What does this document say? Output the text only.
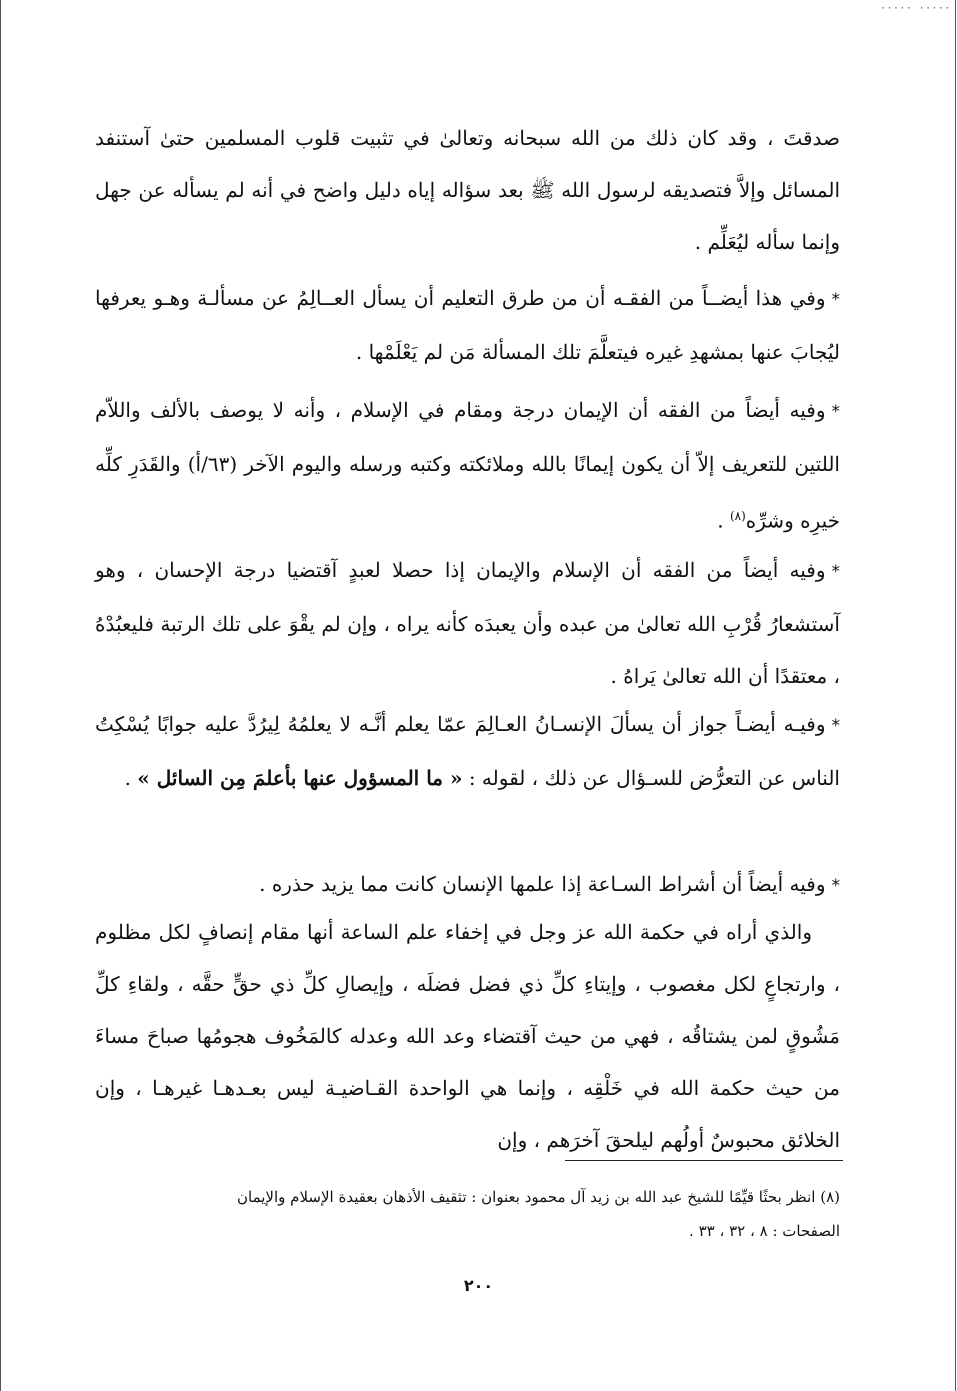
····· ·····

صدقتَ ، وقد كان ذلك من الله سبحانه وتعالىٰ في تثبيت قلوب المسلمين حتىٰ آستنفد المسائل وإلاَّ فتصديقه لرسول الله ﷺ بعد سؤاله إياه دليل واضح في أنه لم يسأله عن جهل وإنما سأله ليُعَلِّم .

*وفي هذا أيضــاً من الفقـه أن من طرق التعليم أن يسأل العــالِمُ عن مسألـة وهـو يعرفها ليُجابَ عنها بمشهدِ غيره فيتعلَّمَ تلك المسألة مَن لم يَعْلَمْها .

*وفيه أيضاً من الفقه أن الإيمان درجة ومقام في الإسلام ، وأنه لا يوصف بالألف واللاّم اللتين للتعريف إلاّ أن يكون إيمانًا بالله وملائكته وكتبه ورسله واليوم الآخر (٦٣/أ) والقَدَرِ كلِّه خيرِه وشرِّه$^{(٨)}$ .

*وفيه أيضاً من الفقه أن الإسلام والإيمان إذا حصلا لعبدٍ آقتضيا درجة الإحسان ، وهو آستشعارُ قُرْبِ الله تعالىٰ من عبده وأن يعبدَه كأنه يراه ، وإن لم يقْوَ على تلك الرتبة فليعبُدْهُ ، معتقدًا أن الله تعالىٰ يَراهُ .

*وفيـه أيضـاً جواز أن يسألَ الإنسـانُ العـالِمَ عمّا يعلم أنَّـه لا يعلمُهُ لِيرُدَّ عليه جوابًا يُسْكِتُ الناس عن التعرُّض للسـؤال عن ذلك ، لقوله : « ما المسؤول عنها بأعلمَ مِن السائل » .

*وفيه أيضاً أن أشراط السـاعة إذا علمها الإنسان كانت مما يزيد حذره .

والذي أراه في حكمة الله عز وجل في إخفاء علم الساعة أنها مقام إنصافٍ لكل مظلوم ، وارتجاعٍ لكل مغصوب ، وإيتاءِ كلِّ ذي فضل فضلَه ، وإيصالِ كلِّ ذي حقٍّ حقَّه ، ولقاءِ كلِّ مَشُوقٍ لمن يشتاقُه ، فهي من حيث آقتضاء وعد الله وعدله كالمَخُوف هجومُها صباحَ مساءَ من حيث حكمة الله في خَلْقِه ، وإنما هي الواحدة القـاضيـة ليس بعـدهـا غيرهـا ، وإن الخلائق محبوسٌ أولُهم ليلحقَ آخرَهم ، وإن

(٨) انظر بحثًا قيِّمًا للشيخ عبد الله بن زيد آل محمود بعنوان : تثقيف الأذهان بعقيدة الإسلام والإيمان
الصفحات : ٨ ، ٣٢ ، ٣٣ .
٢٠٠
